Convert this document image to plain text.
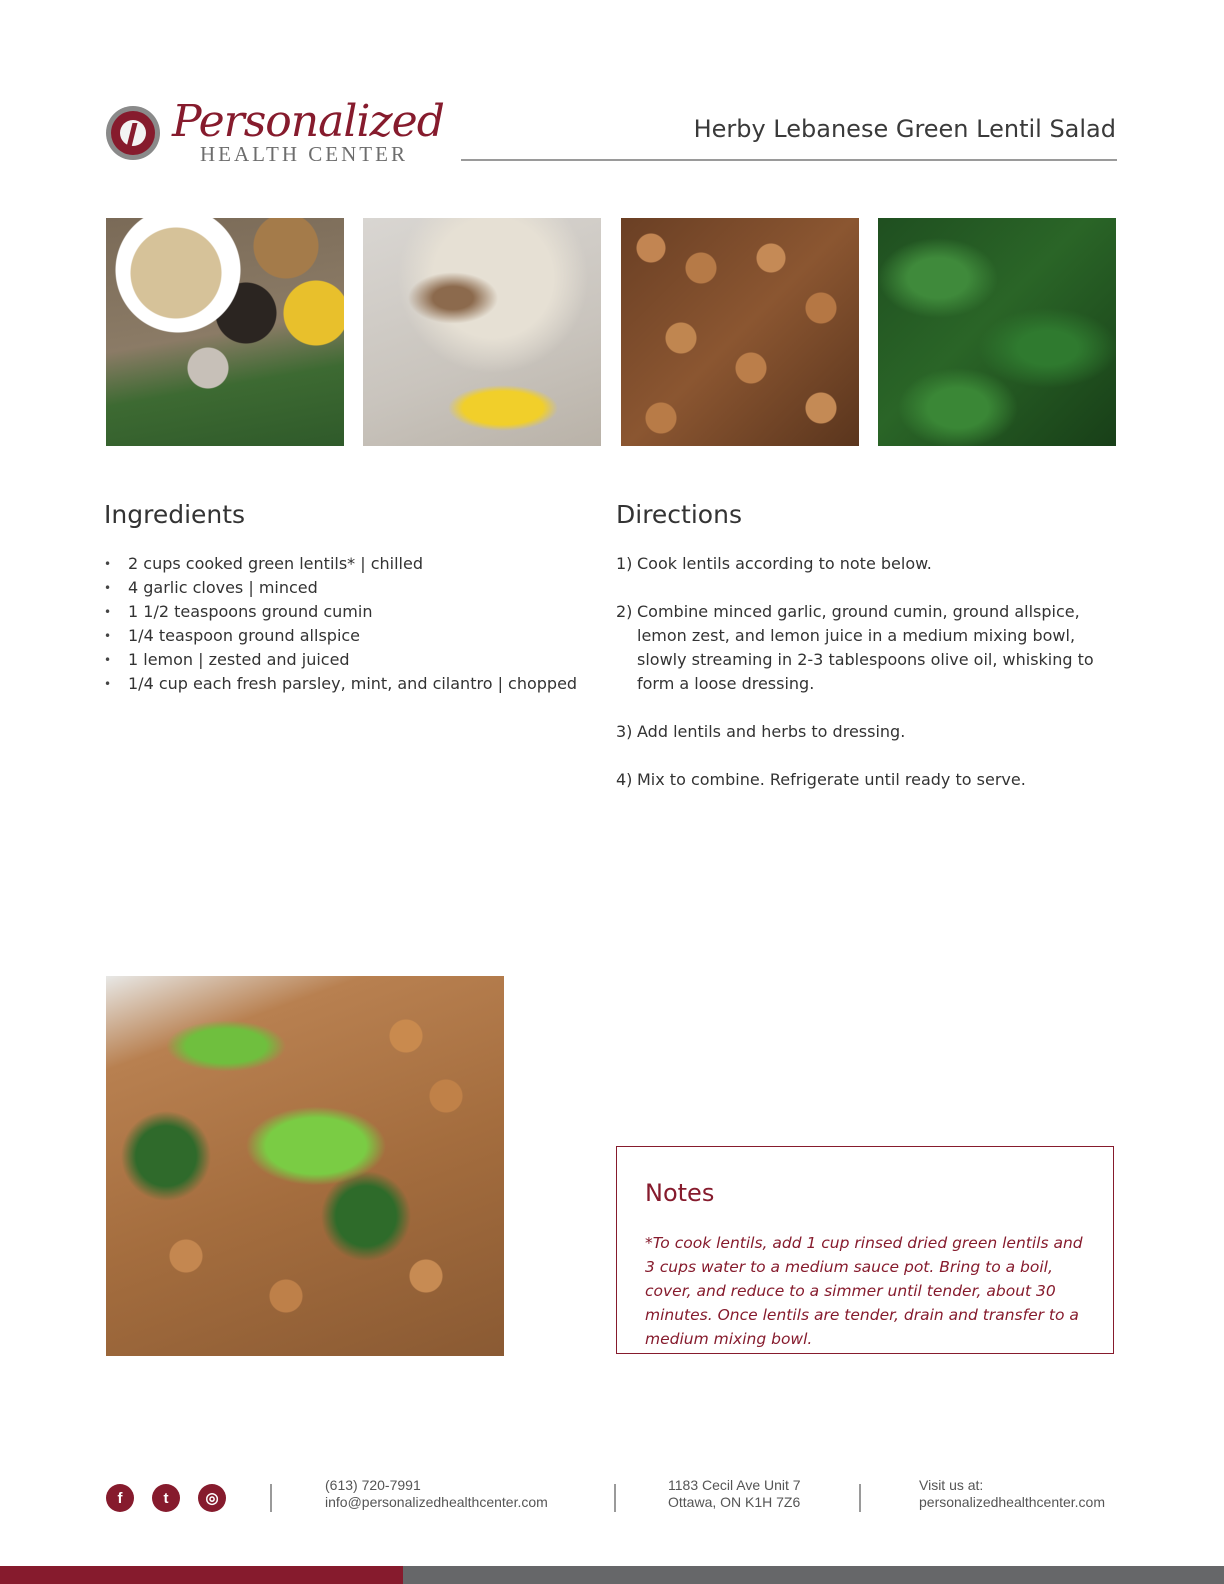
Personalized
HEALTH CENTER
Herby Lebanese Green Lentil Salad
Ingredients
• 2 cups cooked green lentils* | chilled
• 4 garlic cloves | minced
• 1 1/2 teaspoons ground cumin
• 1/4 teaspoon ground allspice
• 1 lemon | zested and juiced
• 1/4 cup each fresh parsley, mint, and cilantro | chopped
Directions
1) Cook lentils according to note below.
2) Combine minced garlic, ground cumin, ground allspice, lemon zest, and lemon juice in a medium mixing bowl, slowly streaming in 2-3 tablespoons olive oil, whisking to form a loose dressing.
3) Add lentils and herbs to dressing.
4) Mix to combine. Refrigerate until ready to serve.
Notes
*To cook lentils, add 1 cup rinsed dried green lentils and 3 cups water to a medium sauce pot. Bring to a boil, cover, and reduce to a simmer until tender, about 30 minutes. Once lentils are tender, drain and transfer to a medium mixing bowl.
f	t	◎
(613) 720-7991
info@personalizedhealthcenter.com
1183 Cecil Ave Unit 7
Ottawa, ON K1H 7Z6
Visit us at:
personalizedhealthcenter.com
